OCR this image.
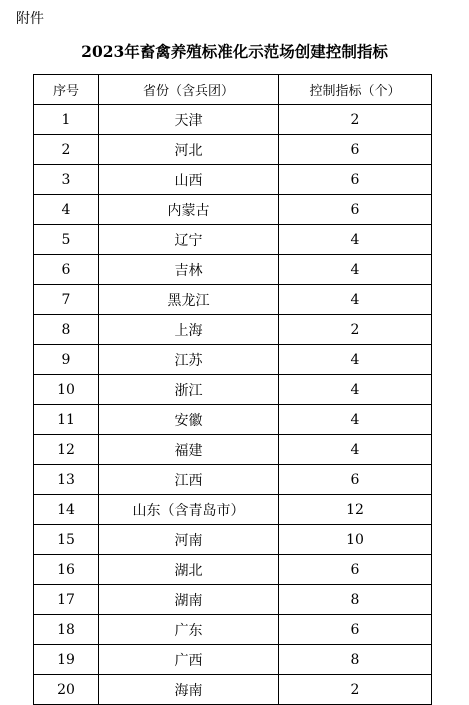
附件
2023年畜禽养殖标准化示范场创建控制指标
序号	省份（含兵团）	控制指标（个）
1	天津	2
2	河北	6
3	山西	6
4	内蒙古	6
5	辽宁	4
6	吉林	4
7	黑龙江	4
8	上海	2
9	江苏	4
10	浙江	4
11	安徽	4
12	福建	4
13	江西	6
14	山东（含青岛市）	12
15	河南	10
16	湖北	6
17	湖南	8
18	广东	6
19	广西	8
20	海南	2
